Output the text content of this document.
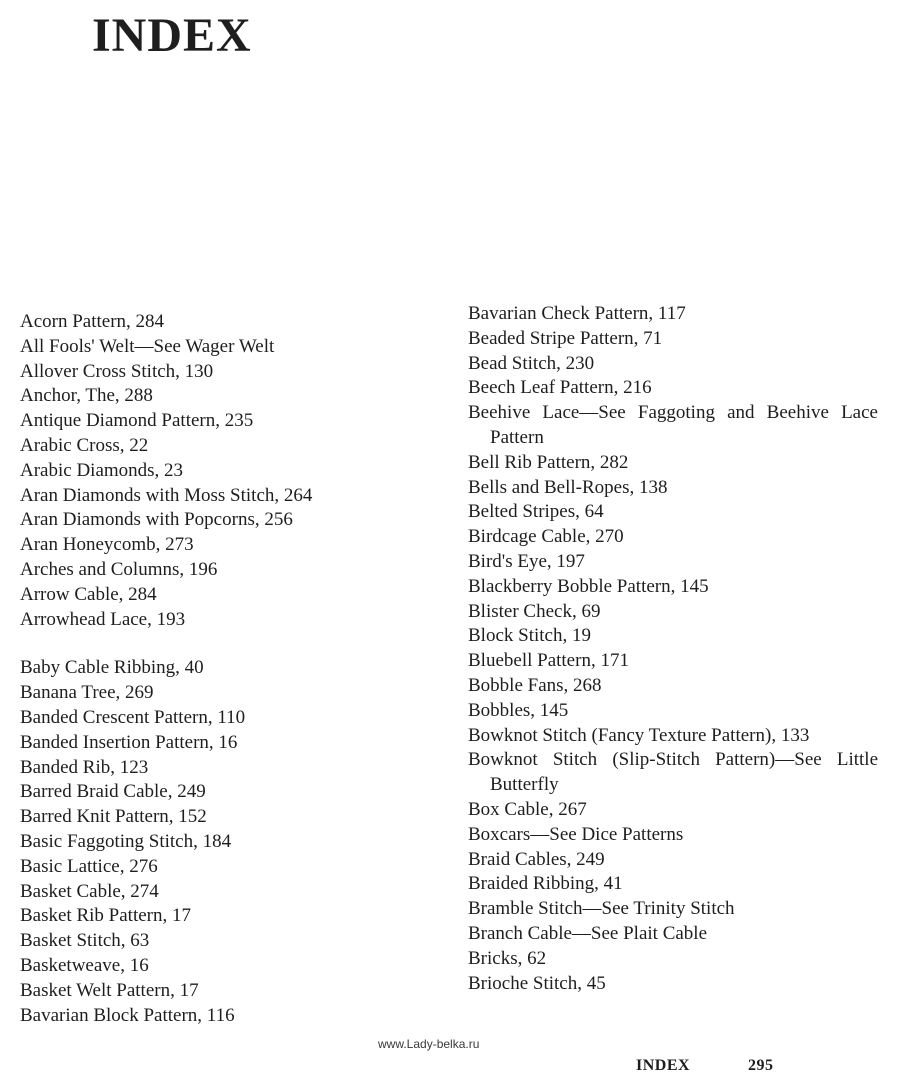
INDEX
Acorn Pattern, 284
All Fools' Welt—See Wager Welt
Allover Cross Stitch, 130
Anchor, The, 288
Antique Diamond Pattern, 235
Arabic Cross, 22
Arabic Diamonds, 23
Aran Diamonds with Moss Stitch, 264
Aran Diamonds with Popcorns, 256
Aran Honeycomb, 273
Arches and Columns, 196
Arrow Cable, 284
Arrowhead Lace, 193
Baby Cable Ribbing, 40
Banana Tree, 269
Banded Crescent Pattern, 110
Banded Insertion Pattern, 16
Banded Rib, 123
Barred Braid Cable, 249
Barred Knit Pattern, 152
Basic Faggoting Stitch, 184
Basic Lattice, 276
Basket Cable, 274
Basket Rib Pattern, 17
Basket Stitch, 63
Basketweave, 16
Basket Welt Pattern, 17
Bavarian Block Pattern, 116
Bavarian Check Pattern, 117
Beaded Stripe Pattern, 71
Bead Stitch, 230
Beech Leaf Pattern, 216
Beehive Lace—See Faggoting and Beehive Lace Pattern
Bell Rib Pattern, 282
Bells and Bell-Ropes, 138
Belted Stripes, 64
Birdcage Cable, 270
Bird's Eye, 197
Blackberry Bobble Pattern, 145
Blister Check, 69
Block Stitch, 19
Bluebell Pattern, 171
Bobble Fans, 268
Bobbles, 145
Bowknot Stitch (Fancy Texture Pattern), 133
Bowknot Stitch (Slip-Stitch Pattern)—See Little Butterfly
Box Cable, 267
Boxcars—See Dice Patterns
Braid Cables, 249
Braided Ribbing, 41
Bramble Stitch—See Trinity Stitch
Branch Cable—See Plait Cable
Bricks, 62
Brioche Stitch, 45
www.Lady-belka.ru
INDEX	295
